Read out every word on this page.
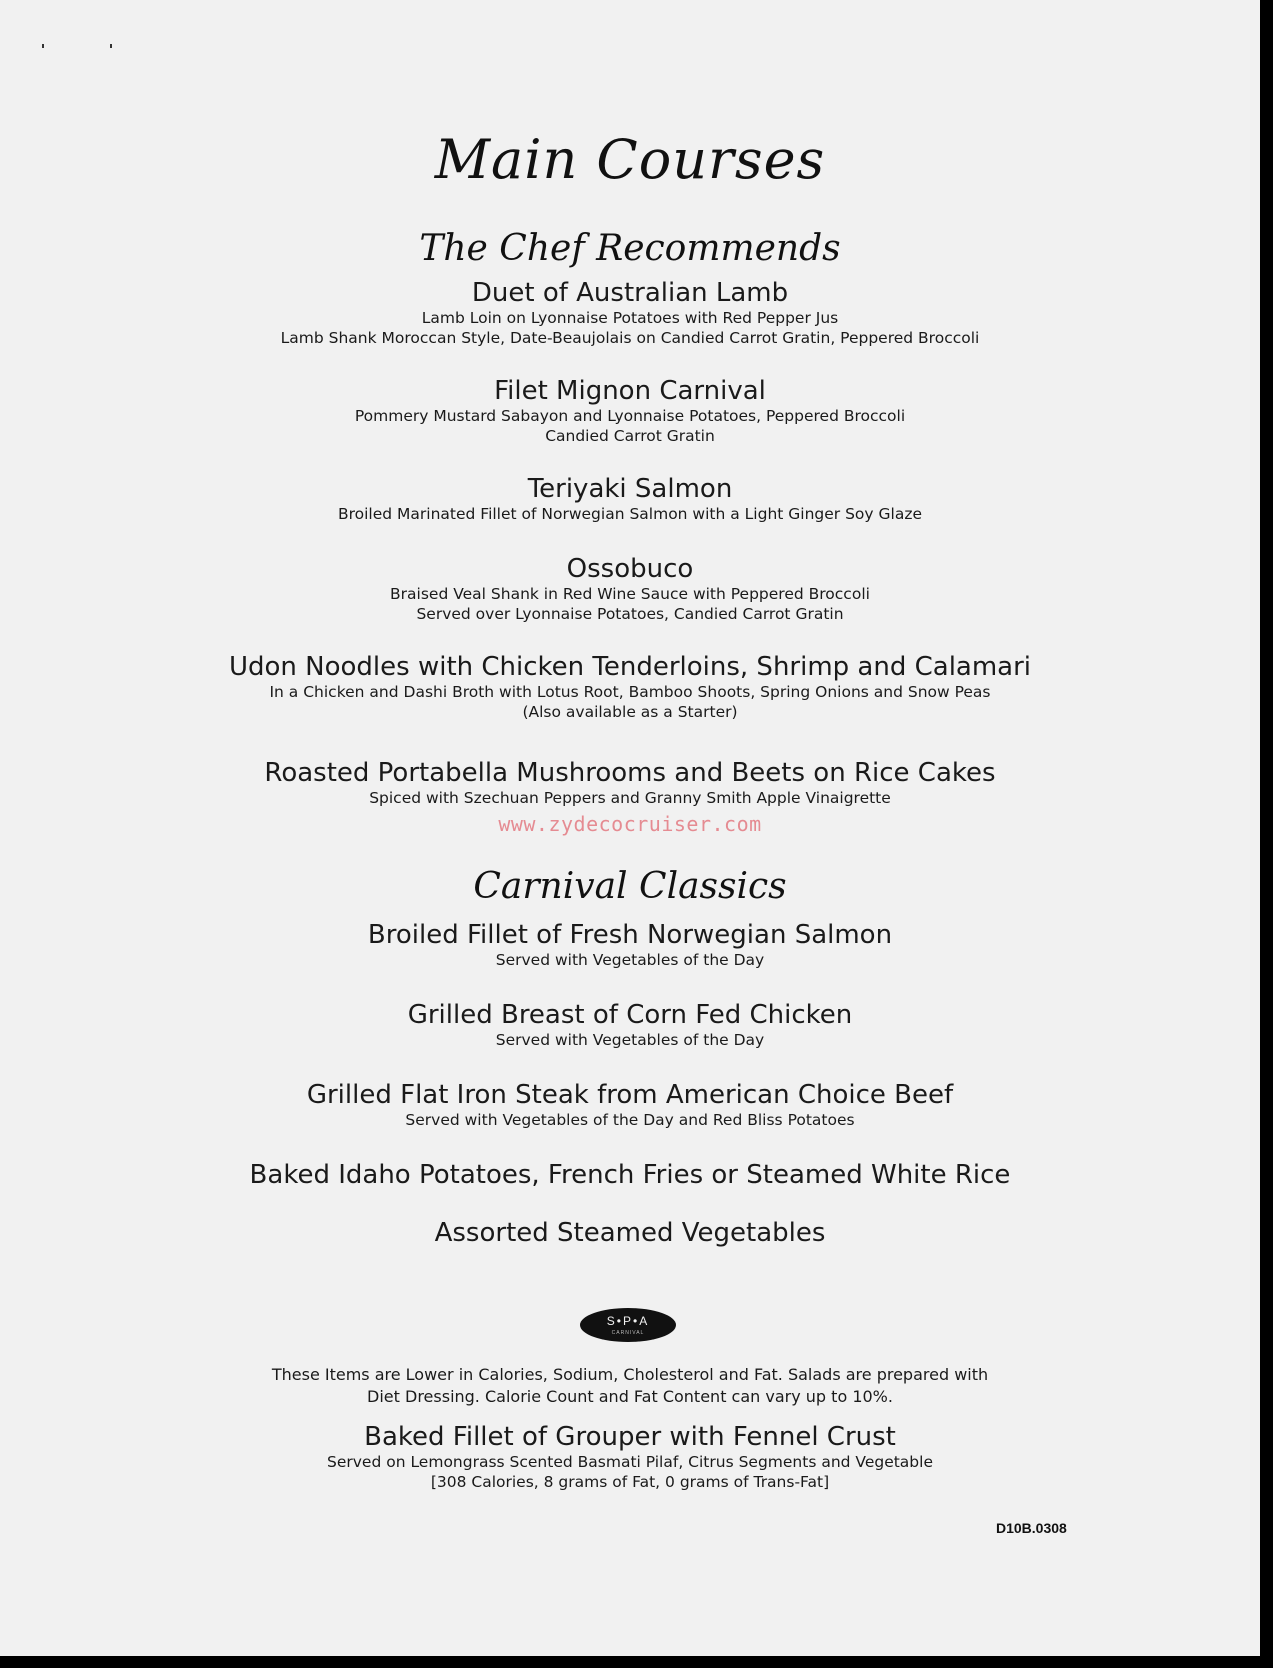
Main Courses
The Chef Recommends
Duet of Australian Lamb
Lamb Loin on Lyonnaise Potatoes with Red Pepper Jus
Lamb Shank Moroccan Style, Date-Beaujolais on Candied Carrot Gratin, Peppered Broccoli
Filet Mignon Carnival
Pommery Mustard Sabayon and Lyonnaise Potatoes, Peppered Broccoli
Candied Carrot Gratin
Teriyaki Salmon
Broiled Marinated Fillet of Norwegian Salmon with a Light Ginger Soy Glaze
Ossobuco
Braised Veal Shank in Red Wine Sauce with Peppered Broccoli
Served over Lyonnaise Potatoes, Candied Carrot Gratin
Udon Noodles with Chicken Tenderloins, Shrimp and Calamari
In a Chicken and Dashi Broth with Lotus Root, Bamboo Shoots, Spring Onions and Snow Peas
(Also available as a Starter)
Roasted Portabella Mushrooms and Beets on Rice Cakes
Spiced with Szechuan Peppers and Granny Smith Apple Vinaigrette
www.zydecocruiser.com
Carnival Classics
Broiled Fillet of Fresh Norwegian Salmon
Served with Vegetables of the Day
Grilled Breast of Corn Fed Chicken
Served with Vegetables of the Day
Grilled Flat Iron Steak from American Choice Beef
Served with Vegetables of the Day and Red Bliss Potatoes
Baked Idaho Potatoes, French Fries or Steamed White Rice
Assorted Steamed Vegetables
S•P•A
CARNIVAL
These Items are Lower in Calories, Sodium, Cholesterol and Fat. Salads are prepared with
Diet Dressing. Calorie Count and Fat Content can vary up to 10%.
Baked Fillet of Grouper with Fennel Crust
Served on Lemongrass Scented Basmati Pilaf, Citrus Segments and Vegetable
[308 Calories, 8 grams of Fat, 0 grams of Trans-Fat]
D10B.0308
